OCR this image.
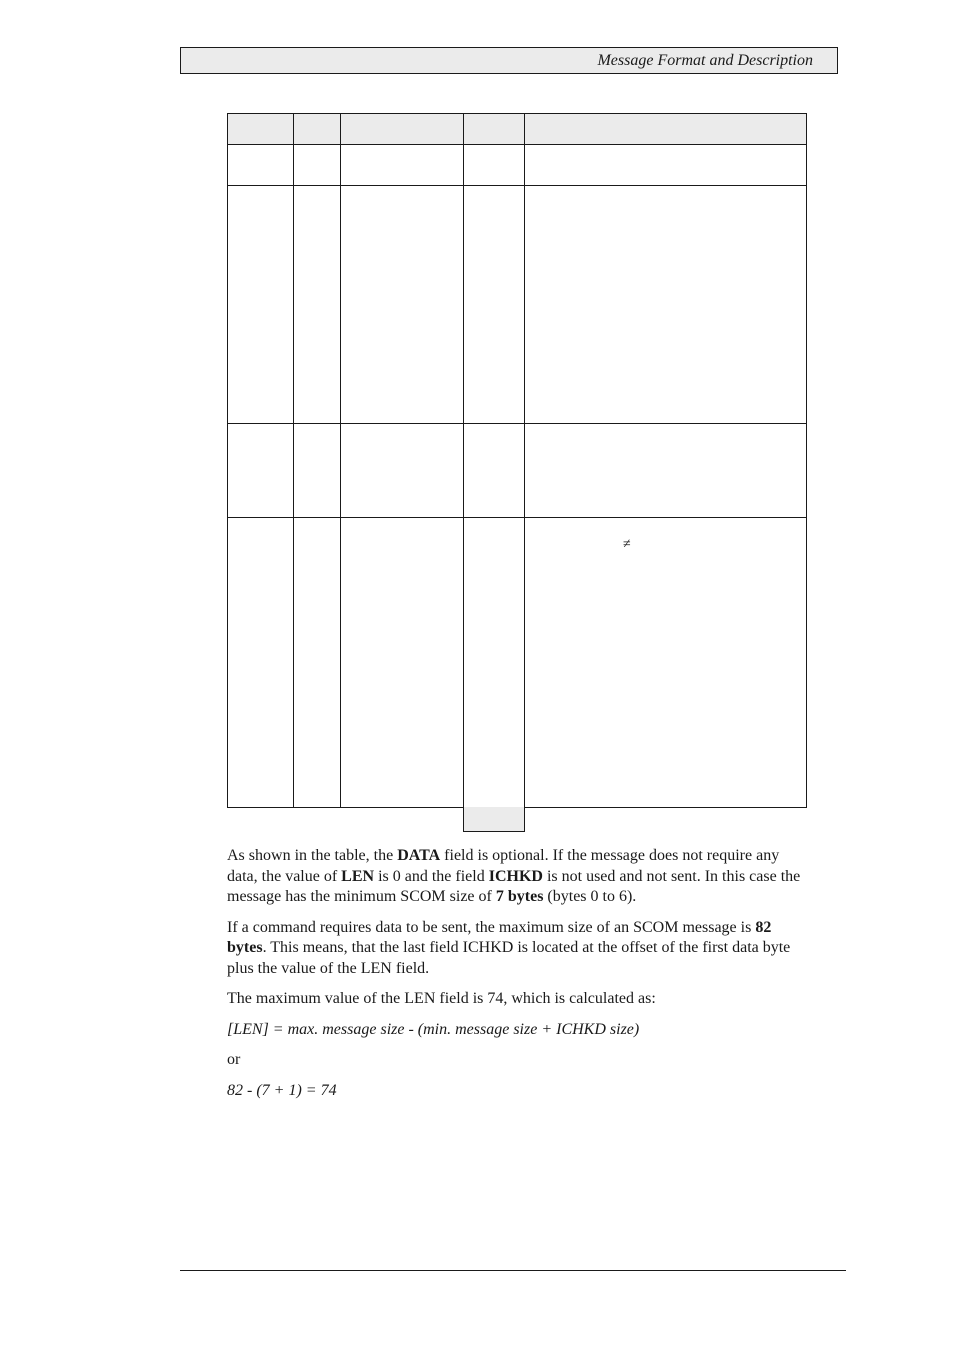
Message Format and Description

≠

As shown in the table, the DATA field is optional. If the message does not require any data, the value of LEN is 0 and the field ICHKD is not used and not sent. In this case the message has the minimum SCOM size of 7 bytes (bytes 0 to 6).

If a command requires data to be sent, the maximum size of an SCOM message is 82 bytes. This means, that the last field ICHKD is located at the offset of the first data byte plus the value of the LEN field.

The maximum value of the LEN field is 74, which is calculated as:

[LEN] = max. message size - (min. message size + ICHKD size)

or

82 - (7 + 1) = 74
